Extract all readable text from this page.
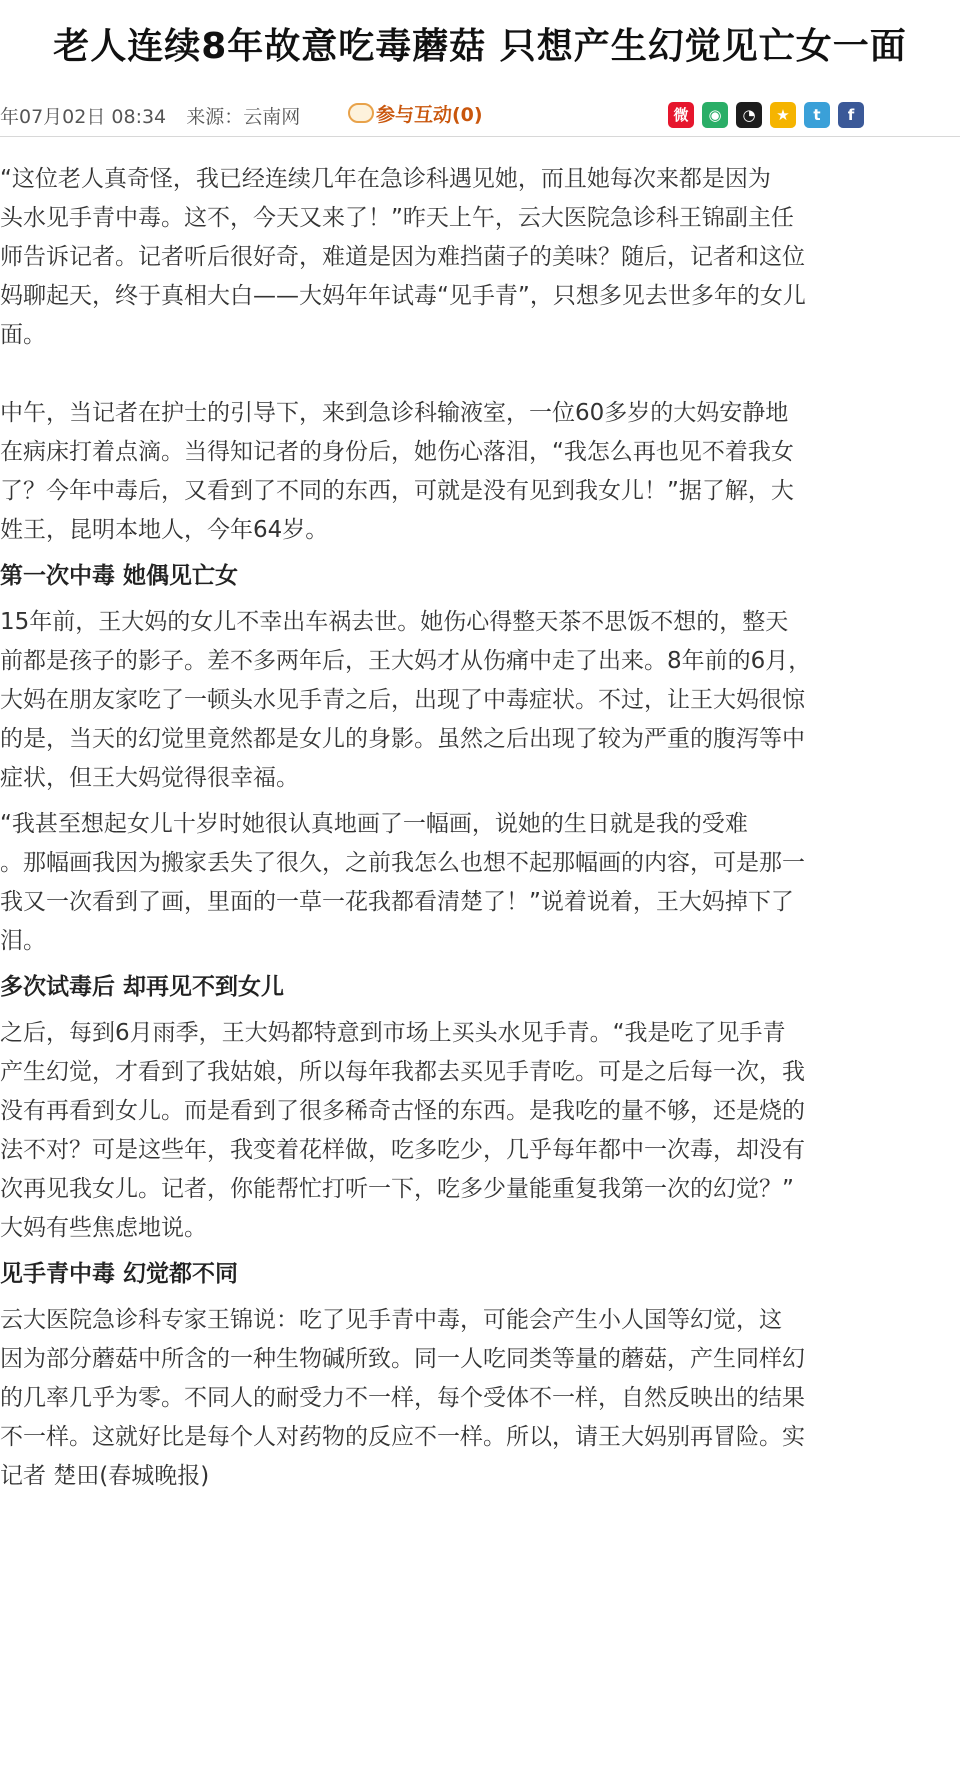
老人连续8年故意吃毒蘑菇 只想产生幻觉见亡女一面
年07月02日 08:34 来源：云南网	参与互动(0)	微 ◉ ◔ ★ t f
“这位老人真奇怪，我已经连续几年在急诊科遇见她，而且她每次来都是因为
头水见手青中毒。这不，今天又来了！”昨天上午，云大医院急诊科王锦副主任
师告诉记者。记者听后很好奇，难道是因为难挡菌子的美味？随后，记者和这位
妈聊起天，终于真相大白——大妈年年试毒“见手青”，只想多见去世多年的女儿
面。
中午，当记者在护士的引导下，来到急诊科输液室，一位60多岁的大妈安静地
在病床打着点滴。当得知记者的身份后，她伤心落泪，“我怎么再也见不着我女
了？今年中毒后，又看到了不同的东西，可就是没有见到我女儿！”据了解，大
姓王，昆明本地人，今年64岁。
第一次中毒 她偶见亡女
15年前，王大妈的女儿不幸出车祸去世。她伤心得整天茶不思饭不想的，整天
前都是孩子的影子。差不多两年后，王大妈才从伤痛中走了出来。8年前的6月，
大妈在朋友家吃了一顿头水见手青之后，出现了中毒症状。不过，让王大妈很惊
的是，当天的幻觉里竟然都是女儿的身影。虽然之后出现了较为严重的腹泻等中
症状，但王大妈觉得很幸福。
“我甚至想起女儿十岁时她很认真地画了一幅画，说她的生日就是我的受难
。那幅画我因为搬家丢失了很久，之前我怎么也想不起那幅画的内容，可是那一
我又一次看到了画，里面的一草一花我都看清楚了！”说着说着，王大妈掉下了
泪。
多次试毒后 却再见不到女儿
之后，每到6月雨季，王大妈都特意到市场上买头水见手青。“我是吃了见手青
产生幻觉，才看到了我姑娘，所以每年我都去买见手青吃。可是之后每一次，我
没有再看到女儿。而是看到了很多稀奇古怪的东西。是我吃的量不够，还是烧的
法不对？可是这些年，我变着花样做，吃多吃少，几乎每年都中一次毒，却没有
次再见我女儿。记者，你能帮忙打听一下，吃多少量能重复我第一次的幻觉？”
大妈有些焦虑地说。
见手青中毒 幻觉都不同
云大医院急诊科专家王锦说：吃了见手青中毒，可能会产生小人国等幻觉，这
因为部分蘑菇中所含的一种生物碱所致。同一人吃同类等量的蘑菇，产生同样幻
的几率几乎为零。不同人的耐受力不一样，每个受体不一样，自然反映出的结果
不一样。这就好比是每个人对药物的反应不一样。所以，请王大妈别再冒险。实
记者 楚田(春城晚报)
